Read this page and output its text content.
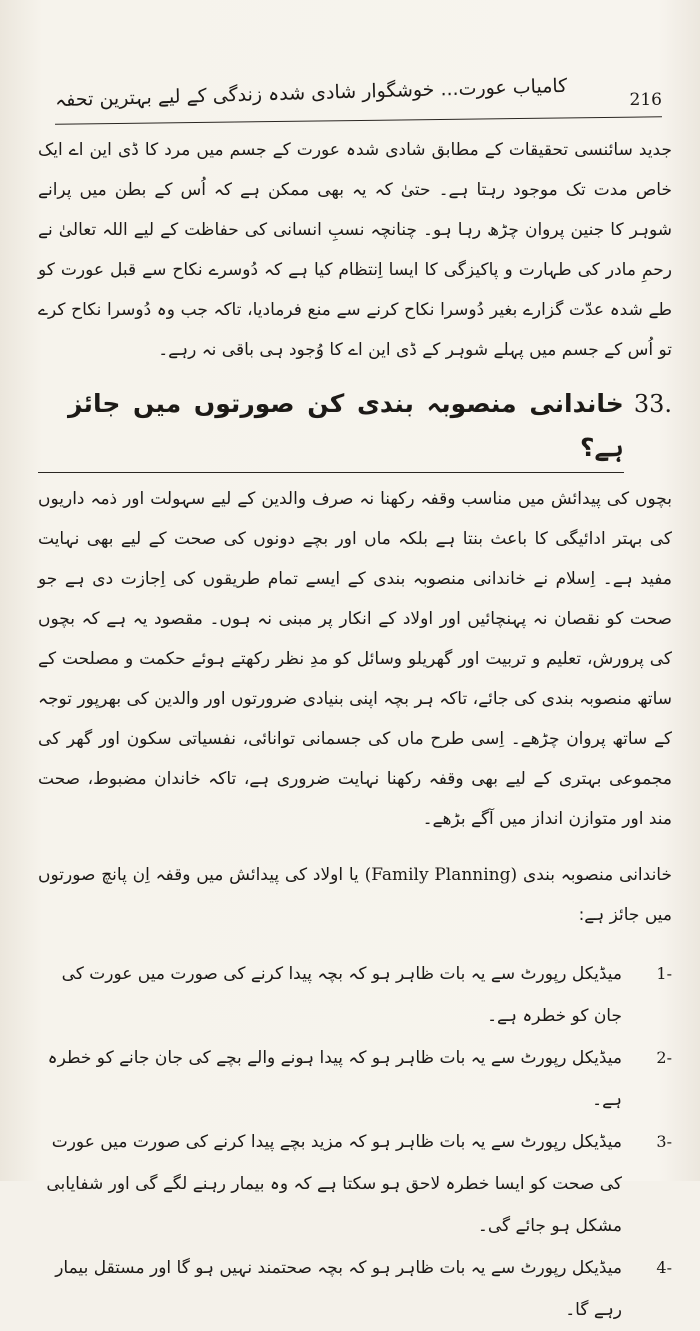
کامیاب عورت... خوشگوار شادی شدہ زندگی کے لیے بہترین تحفہ	216

جدید سائنسی تحقیقات کے مطابق شادی شدہ عورت کے جسم میں مرد کا ڈی این اے ایک خاص مدت تک موجود رہتا ہے۔ حتیٰ کہ یہ بھی ممکن ہے کہ اُس کے بطن میں پرانے شوہر کا جنین پروان چڑھ رہا ہو۔ چنانچہ نسبِ انسانی کی حفاظت کے لیے اللہ تعالیٰ نے رحمِ مادر کی طہارت و پاکیزگی کا ایسا اِنتظام کیا ہے کہ دُوسرے نکاح سے قبل عورت کو طے شدہ عدّت گزارے بغیر دُوسرا نکاح کرنے سے منع فرمادیا، تاکہ جب وہ دُوسرا نکاح کرے تو اُس کے جسم میں پہلے شوہر کے ڈی این اے کا وُجود ہی باقی نہ رہے۔

33.
خاندانی منصوبہ بندی کن صورتوں میں جائز ہے؟

بچوں کی پیدائش میں مناسب وقفہ رکھنا نہ صرف والدین کے لیے سہولت اور ذمہ داریوں کی بہتر ادائیگی کا باعث بنتا ہے بلکہ ماں اور بچے دونوں کی صحت کے لیے بھی نہایت مفید ہے۔ اِسلام نے خاندانی منصوبہ بندی کے ایسے تمام طریقوں کی اِجازت دی ہے جو صحت کو نقصان نہ پہنچائیں اور اولاد کے انکار پر مبنی نہ ہوں۔ مقصود یہ ہے کہ بچوں کی پرورش، تعلیم و تربیت اور گھریلو وسائل کو مدِ نظر رکھتے ہوئے حکمت و مصلحت کے ساتھ منصوبہ بندی کی جائے، تاکہ ہر بچہ اپنی بنیادی ضرورتوں اور والدین کی بھرپور توجہ کے ساتھ پروان چڑھے۔ اِسی طرح ماں کی جسمانی توانائی، نفسیاتی سکون اور گھر کی مجموعی بہتری کے لیے بھی وقفہ رکھنا نہایت ضروری ہے، تاکہ خاندان مضبوط، صحت مند اور متوازن انداز میں آگے بڑھے۔

خاندانی منصوبہ بندی (Family Planning) یا اولاد کی پیدائش میں وقفہ اِن پانچ صورتوں میں جائز ہے:

1-
میڈیکل رپورٹ سے یہ بات ظاہر ہو کہ بچہ پیدا کرنے کی صورت میں عورت کی جان کو خطرہ ہے۔
2-
میڈیکل رپورٹ سے یہ بات ظاہر ہو کہ پیدا ہونے والے بچے کی جان جانے کو خطرہ ہے۔
3-
میڈیکل رپورٹ سے یہ بات ظاہر ہو کہ مزید بچے پیدا کرنے کی صورت میں عورت کی صحت کو ایسا خطرہ لاحق ہو سکتا ہے کہ وہ بیمار رہنے لگے گی اور شفایابی مشکل ہو جائے گی۔
4-
میڈیکل رپورٹ سے یہ بات ظاہر ہو کہ بچہ صحتمند نہیں ہو گا اور مستقل بیمار رہے گا۔
